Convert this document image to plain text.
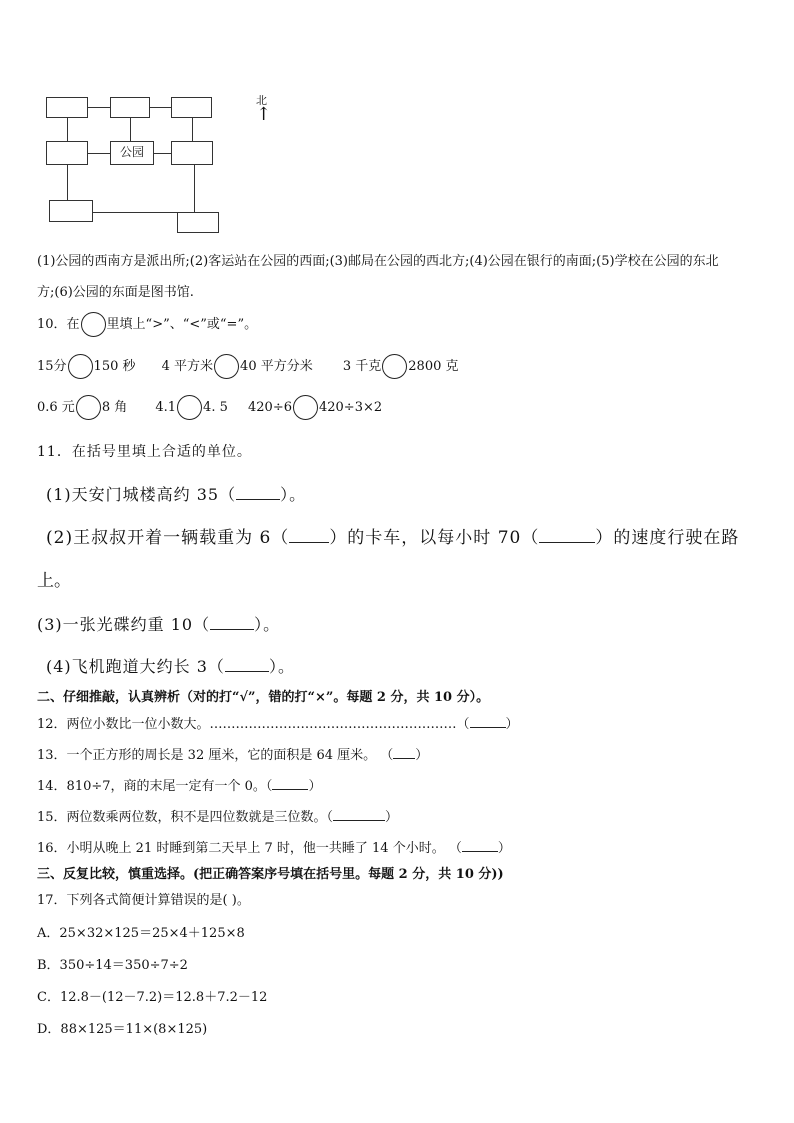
公园
北
↑
(1)公园的西南方是派出所;(2)客运站在公园的西面;(3)邮局在公园的西北方;(4)公园在银行的南面;(5)学校在公园的东北
方;(6)公园的东面是图书馆.
10．在 里填上“>”、“<”或“=”。
15分 150 秒 4 平方米 40 平方分米 3 千克 2800 克
0.6 元 8 角 4.1 4. 5 420÷6 420÷3×2
11．在括号里填上合适的单位。
(1)天安门城楼高约 35（	）。
(2)王叔叔开着一辆载重为 6（ ）的卡车，以每小时 70（	）的速度行驶在路
上。
(3)一张光碟约重 10（	）。
(4)飞机跑道大约长 3（	）。
二、仔细推敲，认真辨析（对的打“√”，错的打“×”。每题 2 分，共 10 分）。
12．两位小数比一位小数大。…………………………………………………（	）
13．一个正方形的周长是 32 厘米，它的面积是 64 厘米。 （ ）
14．810÷7，商的末尾一定有一个 0。（	）
15．两位数乘两位数，积不是四位数就是三位数。（	）
16．小明从晚上 21 时睡到第二天早上 7 时，他一共睡了 14 个小时。 （	）
三、反复比较，慎重选择。(把正确答案序号填在括号里。每题 2 分，共 10 分))
17．下列各式简便计算错误的是( )。
A．25×32×125＝25×4＋125×8
B．350÷14＝350÷7÷2
C．12.8－(12－7.2)＝12.8＋7.2－12
D．88×125＝11×(8×125)
